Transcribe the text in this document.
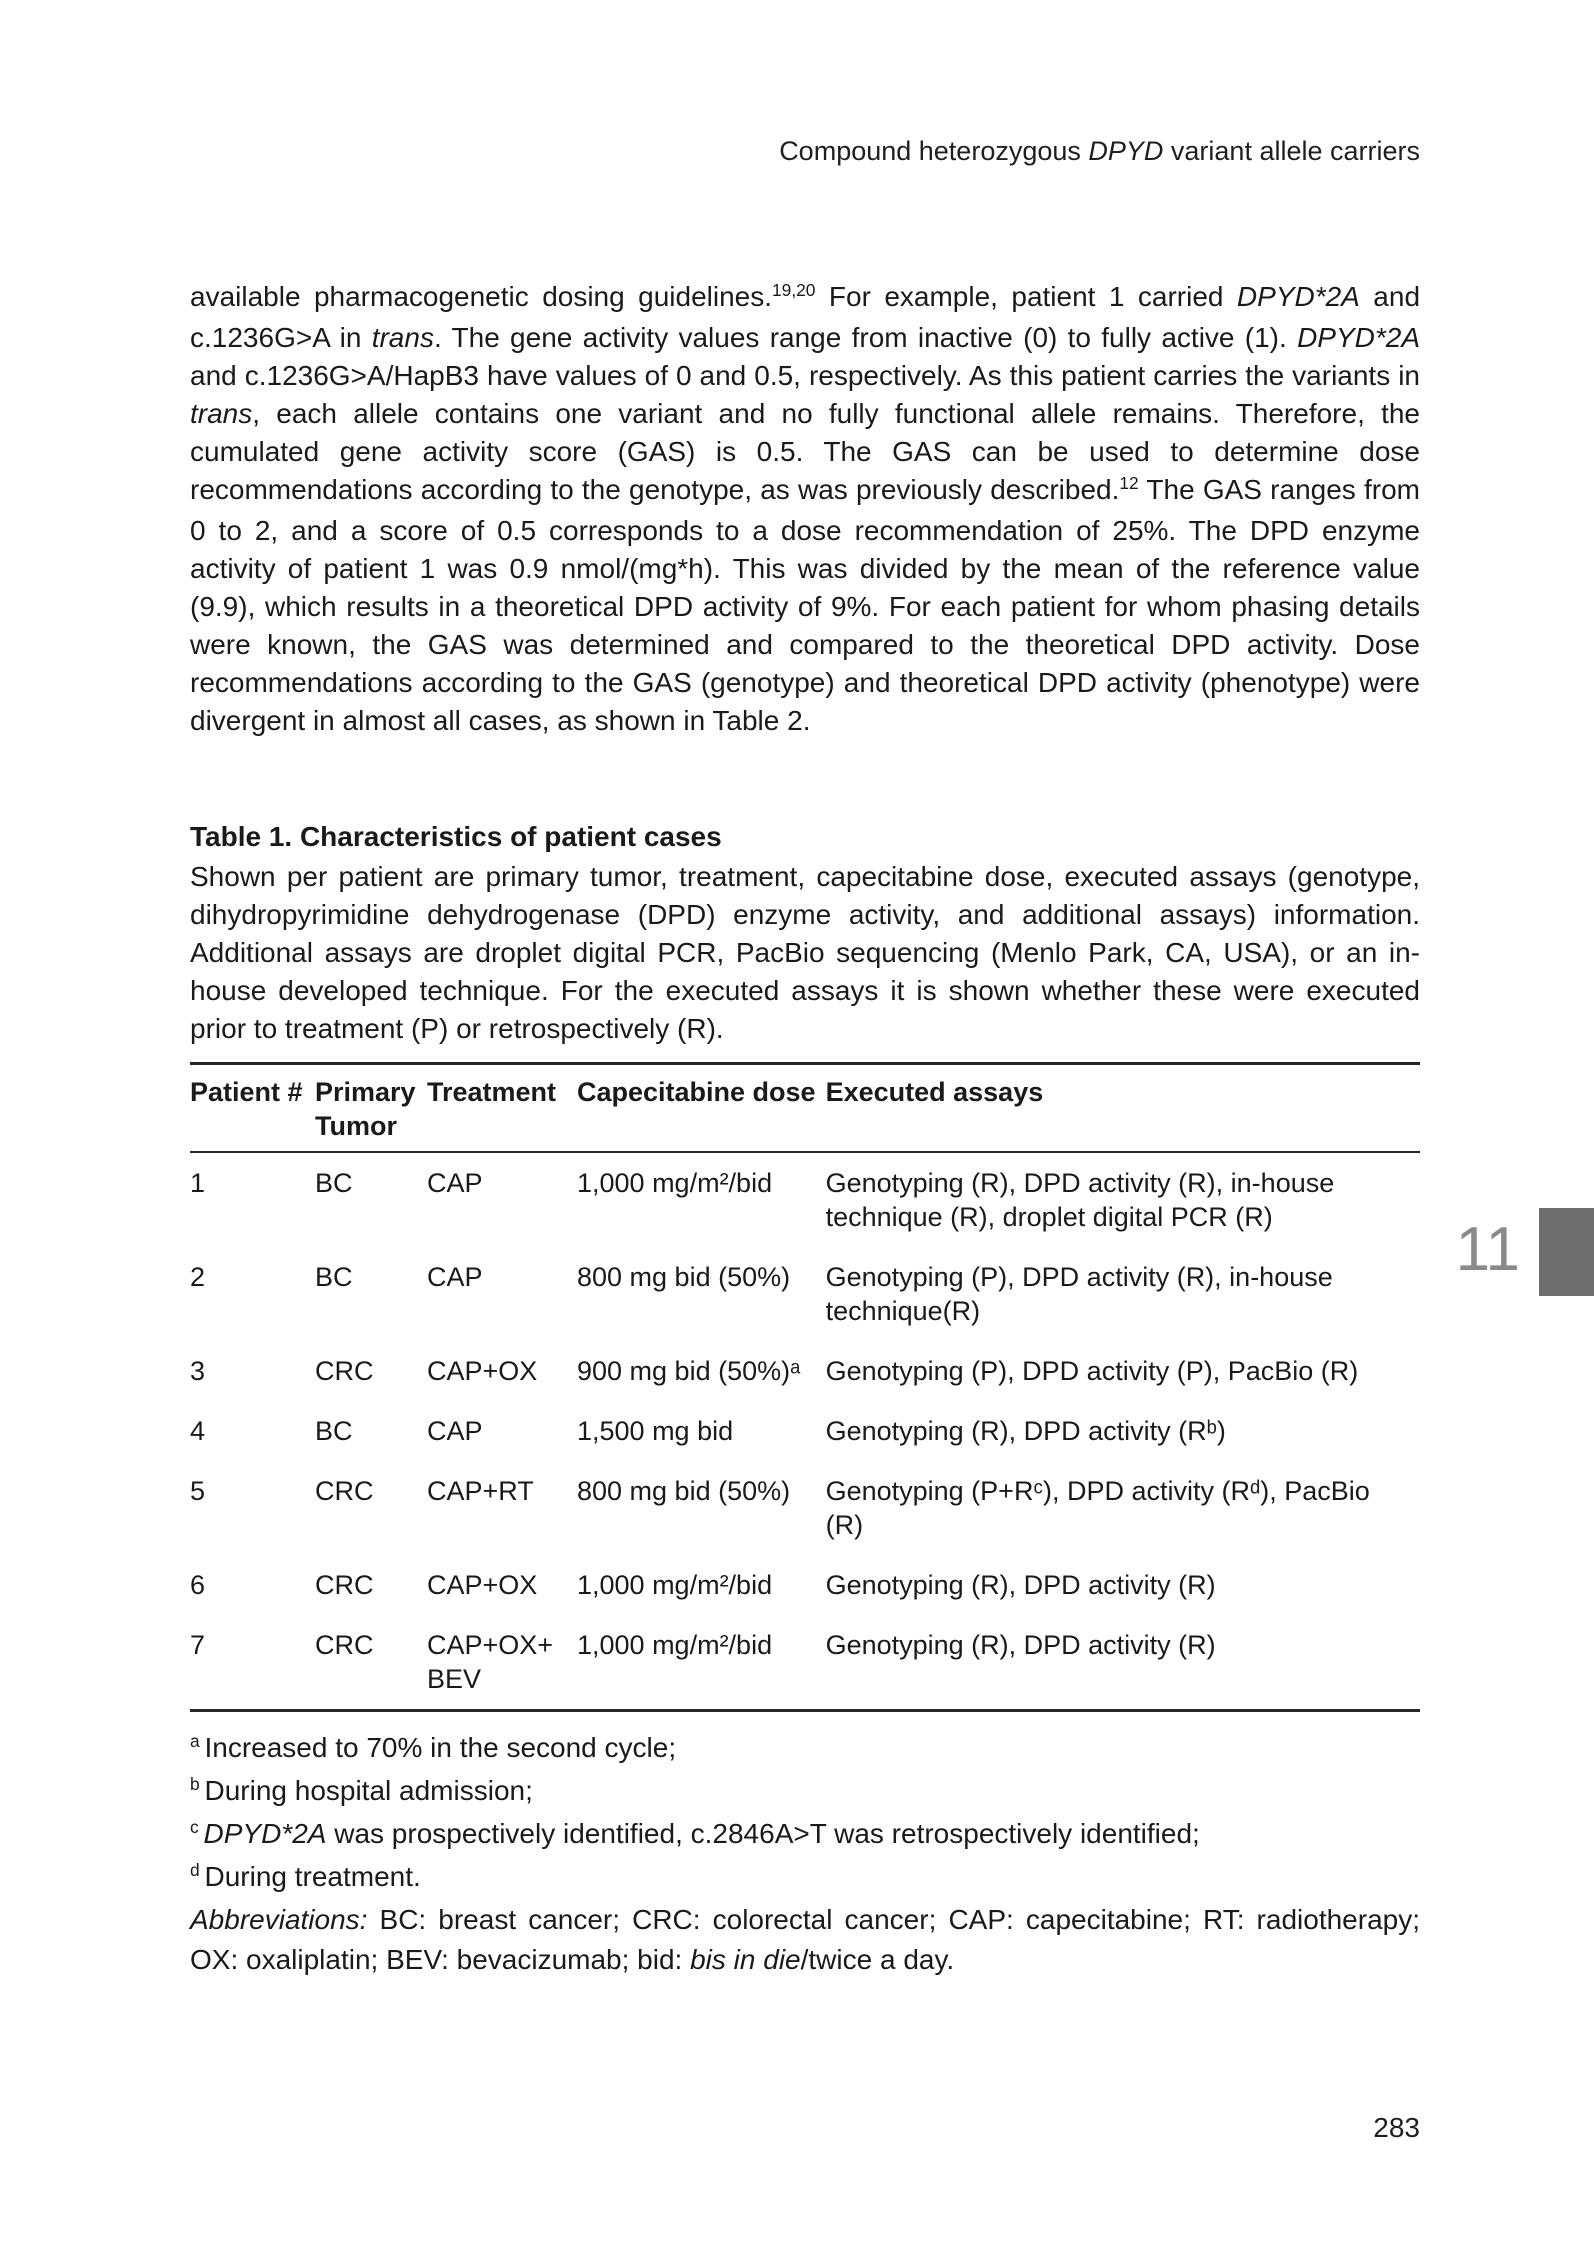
Compound heterozygous DPYD variant allele carriers

available pharmacogenetic dosing guidelines.$^{19,20}$ For example, patient 1 carried DPYD*2A and c.1236G>A in trans. The gene activity values range from inactive (0) to fully active (1). DPYD*2A and c.1236G>A/HapB3 have values of 0 and 0.5, respectively. As this patient carries the variants in trans, each allele contains one variant and no fully functional allele remains. Therefore, the cumulated gene activity score (GAS) is 0.5. The GAS can be used to determine dose recommendations according to the genotype, as was previously described.$^{12}$ The GAS ranges from 0 to 2, and a score of 0.5 corresponds to a dose recommendation of 25%. The DPD enzyme activity of patient 1 was 0.9 nmol/(mg*h). This was divided by the mean of the reference value (9.9), which results in a theoretical DPD activity of 9%. For each patient for whom phasing details were known, the GAS was determined and compared to the theoretical DPD activity. Dose recommendations according to the GAS (genotype) and theoretical DPD activity (phenotype) were divergent in almost all cases, as shown in Table 2.

Table 1. Characteristics of patient cases

Shown per patient are primary tumor, treatment, capecitabine dose, executed assays (genotype, dihydropyrimidine dehydrogenase (DPD) enzyme activity, and additional assays) information. Additional assays are droplet digital PCR, PacBio sequencing (Menlo Park, CA, USA), or an in-house developed technique. For the executed assays it is shown whether these were executed prior to treatment (P) or retrospectively (R).

Patient #	Primary Tumor	Treatment	Capecitabine dose	Executed assays
1	BC	CAP	1,000 mg/m²/bid	Genotyping (R), DPD activity (R), in-house technique (R), droplet digital PCR (R)
2	BC	CAP	800 mg bid (50%)	Genotyping (P), DPD activity (R), in-house technique(R)
3	CRC	CAP+OX	900 mg bid (50%)ᵃ	Genotyping (P), DPD activity (P), PacBio (R)
4	BC	CAP	1,500 mg bid	Genotyping (R), DPD activity (Rᵇ)
5	CRC	CAP+RT	800 mg bid (50%)	Genotyping (P+Rᶜ), DPD activity (Rᵈ), PacBio (R)
6	CRC	CAP+OX	1,000 mg/m²/bid	Genotyping (R), DPD activity (R)
7	CRC	CAP+OX+ BEV	1,000 mg/m²/bid	Genotyping (R), DPD activity (R)

$^a$ Increased to 70% in the second cycle;

$^b$ During hospital admission;

$^c$ DPYD*2A was prospectively identified, c.2846A>T was retrospectively identified;

$^d$ During treatment.

Abbreviations: BC: breast cancer; CRC: colorectal cancer; CAP: capecitabine; RT: radiotherapy; OX: oxaliplatin; BEV: bevacizumab; bid: bis in die/twice a day.

11
283
